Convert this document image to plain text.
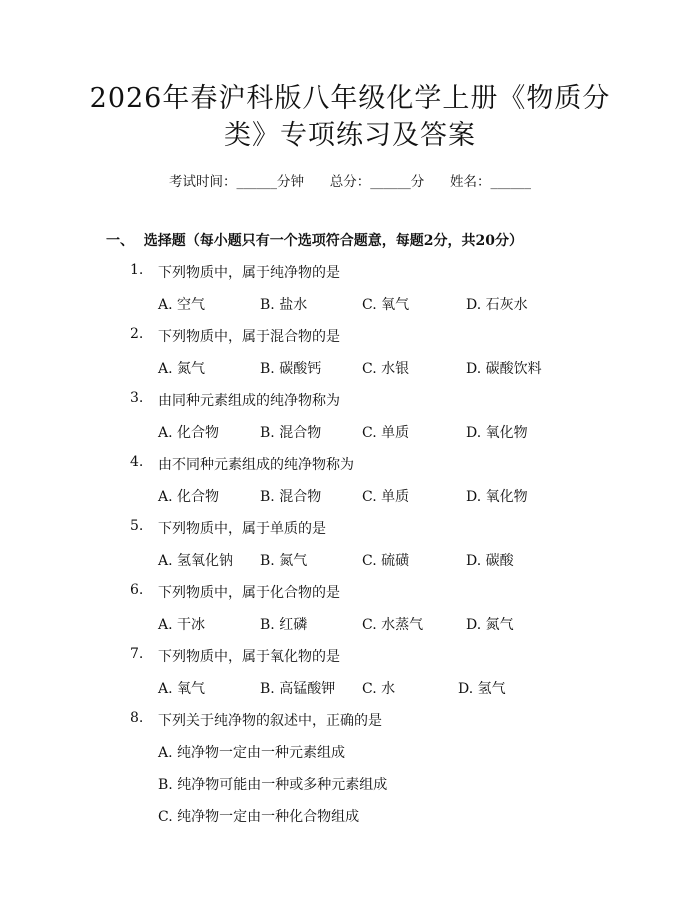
2026年春沪科版八年级化学上册《物质分
类》专项练习及答案
考试时间：______分钟      总分：______分      姓名：______
一、  选择题（每小题只有一个选项符合题意，每题2分，共20分）
1. 下列物质中，属于纯净物的是
A. 空气	B. 盐水	C. 氧气	D. 石灰水
2. 下列物质中，属于混合物的是
A. 氮气	B. 碳酸钙	C. 水银	D. 碳酸饮料
3. 由同种元素组成的纯净物称为
A. 化合物	B. 混合物	C. 单质	D. 氧化物
4. 由不同种元素组成的纯净物称为
A. 化合物	B. 混合物	C. 单质	D. 氧化物
5. 下列物质中，属于单质的是
A. 氢氧化钠 B. 氮气	C. 硫磺	D. 碳酸
6. 下列物质中，属于化合物的是
A. 干冰	B. 红磷	C. 水蒸气	D. 氮气
7. 下列物质中，属于氧化物的是
A. 氧气	B. 高锰酸钾 C. 水	D. 氢气
8. 下列关于纯净物的叙述中，正确的是
A. 纯净物一定由一种元素组成
B. 纯净物可能由一种或多种元素组成
C. 纯净物一定由一种化合物组成
